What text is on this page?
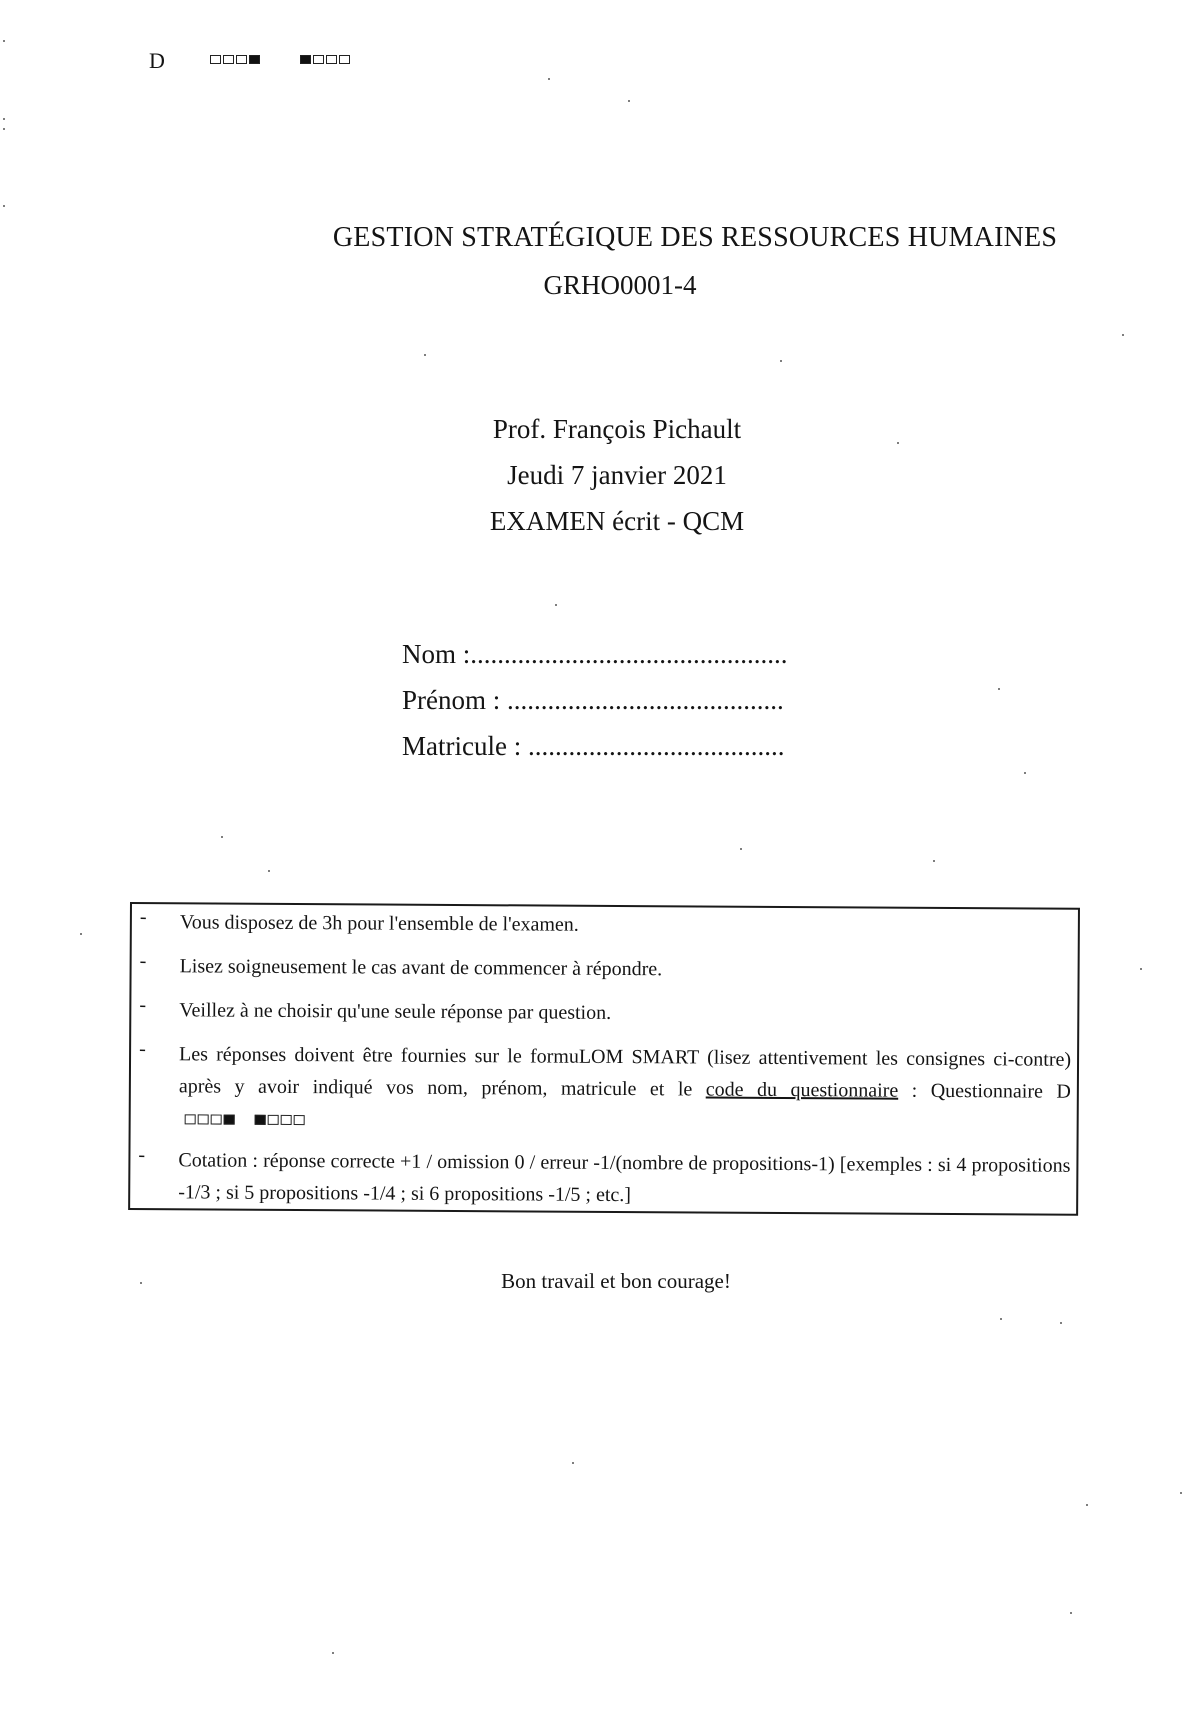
D
GESTION STRATÉGIQUE DES RESSOURCES HUMAINES
GRHO0001-4
Prof. François Pichault
Jeudi 7 janvier 2021
EXAMEN écrit - QCM
Nom :...............................................
Prénom : .........................................
Matricule : ......................................
- Vous disposez de 3h pour l'ensemble de l'examen.
- Lisez soigneusement le cas avant de commencer à répondre.
- Veillez à ne choisir qu'une seule réponse par question.
- Les réponses doivent être fournies sur le formuLOM SMART (lisez attentivement les consignes ci-contre) après y avoir indiqué vos nom, prénom, matricule et le code du questionnaire : Questionnaire D
- Cotation : réponse correcte +1 / omission 0 / erreur -1/(nombre de propositions-1) [exemples : si 4 propositions -1/3 ; si 5 propositions -1/4 ; si 6 propositions -1/5 ; etc.]
Bon travail et bon courage!
